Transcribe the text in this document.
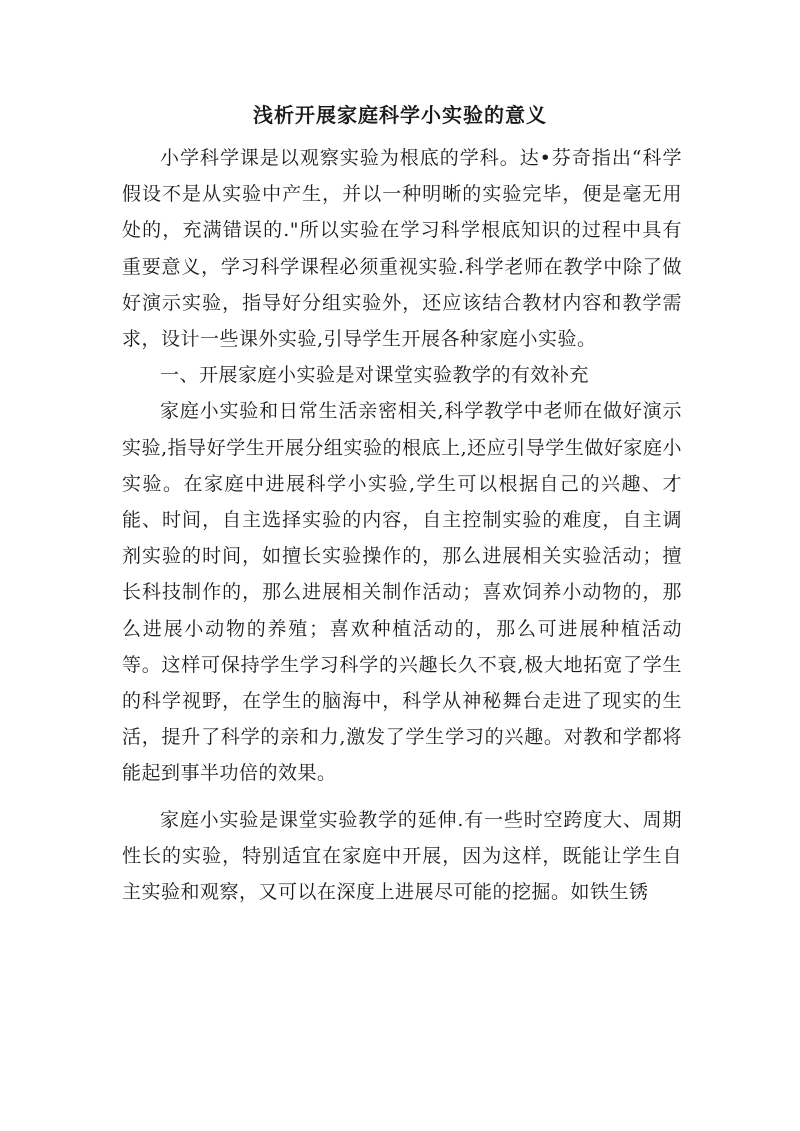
浅析开展家庭科学小实验的意义

小学科学课是以观察实验为根底的学科。达•芬奇指出“科学假设不是从实验中产生，并以一种明晰的实验完毕，便是毫无用处的，充满错误的."所以实验在学习科学根底知识的过程中具有重要意义，学习科学课程必须重视实验.科学老师在教学中除了做好演示实验，指导好分组实验外，还应该结合教材内容和教学需求，设计一些课外实验,引导学生开展各种家庭小实验。

一、开展家庭小实验是对课堂实验教学的有效补充

家庭小实验和日常生活亲密相关,科学教学中老师在做好演示实验,指导好学生开展分组实验的根底上,还应引导学生做好家庭小实验。在家庭中进展科学小实验,学生可以根据自己的兴趣、才能、时间，自主选择实验的内容，自主控制实验的难度，自主调剂实验的时间，如擅长实验操作的，那么进展相关实验活动；擅长科技制作的，那么进展相关制作活动；喜欢饲养小动物的，那么进展小动物的养殖；喜欢种植活动的，那么可进展种植活动等。这样可保持学生学习科学的兴趣长久不衰,极大地拓宽了学生的科学视野，在学生的脑海中，科学从神秘舞台走进了现实的生活，提升了科学的亲和力,激发了学生学习的兴趣。对教和学都将能起到事半功倍的效果。

家庭小实验是课堂实验教学的延伸.有一些时空跨度大、周期性长的实验，特别适宜在家庭中开展，因为这样，既能让学生自主实验和观察，又可以在深度上进展尽可能的挖掘。如铁生锈
